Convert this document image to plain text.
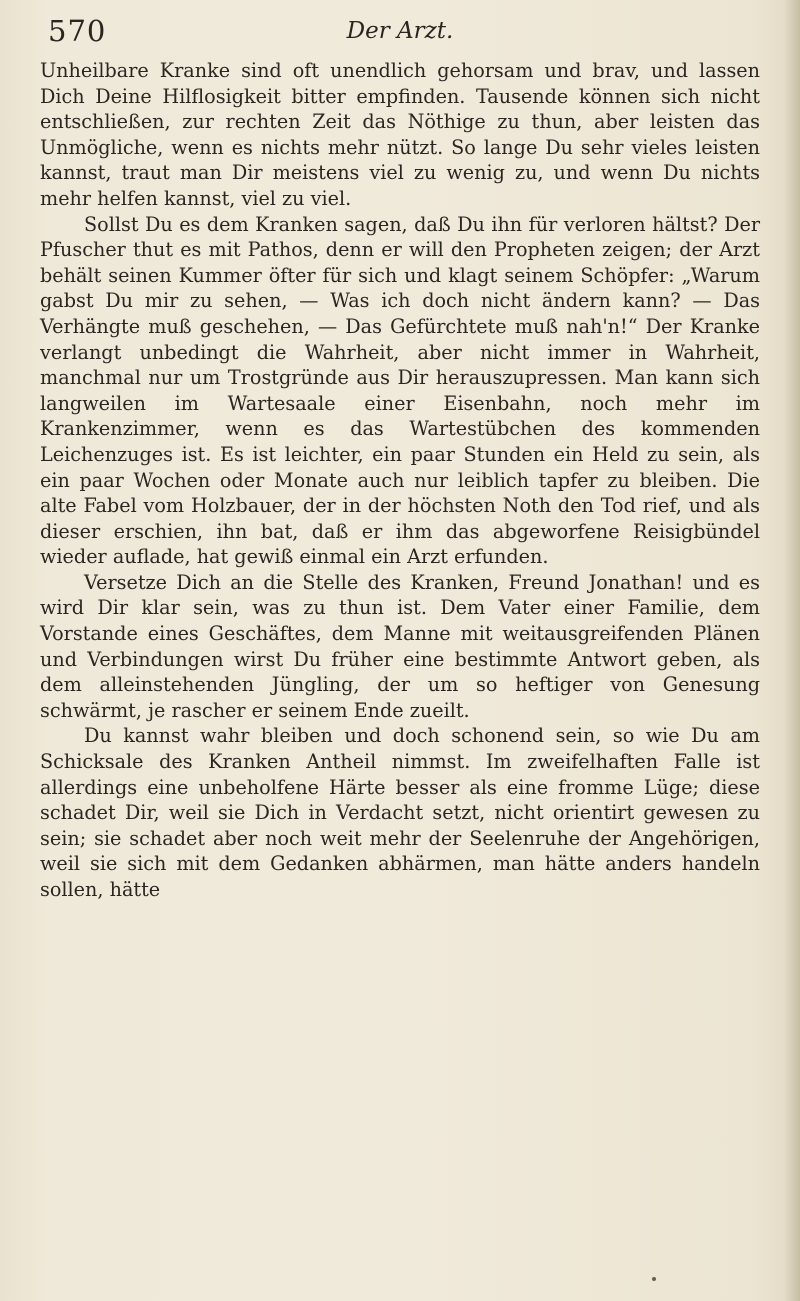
570	Der Arzt.

Unheilbare Kranke sind oft unendlich gehorsam und brav, und lassen Dich Deine Hilflosigkeit bitter empfinden. Tausende können sich nicht entschließen, zur rechten Zeit das Nöthige zu thun, aber leisten das Unmögliche, wenn es nichts mehr nützt. So lange Du sehr vieles leisten kannst, traut man Dir meistens viel zu wenig zu, und wenn Du nichts mehr helfen kannst, viel zu viel.

Sollst Du es dem Kranken sagen, daß Du ihn für verloren hältst? Der Pfuscher thut es mit Pathos, denn er will den Propheten zeigen; der Arzt behält seinen Kummer öfter für sich und klagt seinem Schöpfer: „Warum gabst Du mir zu sehen, — Was ich doch nicht ändern kann? — Das Verhängte muß geschehen, — Das Gefürchtete muß nah'n!“ Der Kranke verlangt unbedingt die Wahrheit, aber nicht immer in Wahrheit, manchmal nur um Trostgründe aus Dir herauszupressen. Man kann sich langweilen im Wartesaale einer Eisenbahn, noch mehr im Krankenzimmer, wenn es das Wartestübchen des kommenden Leichenzuges ist. Es ist leichter, ein paar Stunden ein Held zu sein, als ein paar Wochen oder Monate auch nur leiblich tapfer zu bleiben. Die alte Fabel vom Holzbauer, der in der höchsten Noth den Tod rief, und als dieser erschien, ihn bat, daß er ihm das abgeworfene Reisigbündel wieder auflade, hat gewiß einmal ein Arzt erfunden.

Versetze Dich an die Stelle des Kranken, Freund Jonathan! und es wird Dir klar sein, was zu thun ist. Dem Vater einer Familie, dem Vorstande eines Geschäftes, dem Manne mit weitausgreifenden Plänen und Verbindungen wirst Du früher eine bestimmte Antwort geben, als dem alleinstehenden Jüngling, der um so heftiger von Genesung schwärmt, je rascher er seinem Ende zueilt.

Du kannst wahr bleiben und doch schonend sein, so wie Du am Schicksale des Kranken Antheil nimmst. Im zweifelhaften Falle ist allerdings eine unbeholfene Härte besser als eine fromme Lüge; diese schadet Dir, weil sie Dich in Verdacht setzt, nicht orientirt gewesen zu sein; sie schadet aber noch weit mehr der Seelenruhe der Angehörigen, weil sie sich mit dem Gedanken abhärmen, man hätte anders handeln sollen, hätte
